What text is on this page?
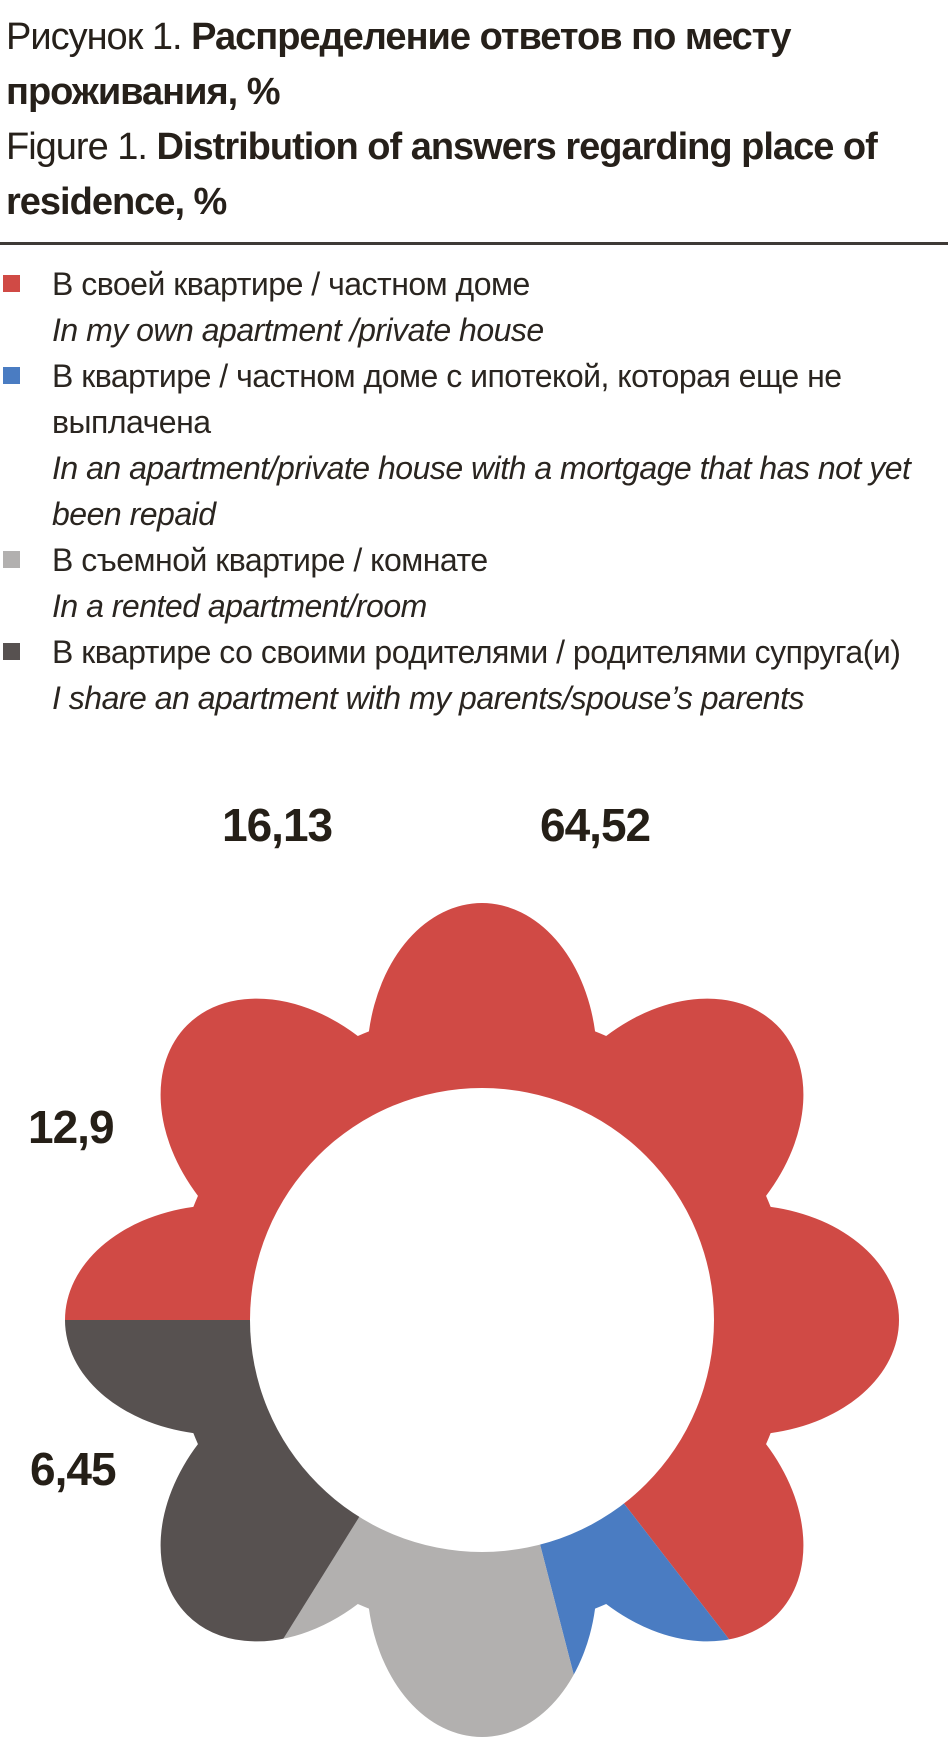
Рисунок 1. Распределение ответов по месту проживания, %
Figure 1. Distribution of answers regarding place of residence, %
В своей квартире / частном доме
In my own apartment /private house
В квартире / частном доме с ипотекой, которая еще не выплачена
In an apartment/private house with a mortgage that has not yet been repaid
В съемной квартире / комнате
In a rented apartment/room
В квартире со своими родителями / родителями супруга(и)
I share an apartment with my parents/spouse’s parents
64,52
6,45
12,9
16,13
